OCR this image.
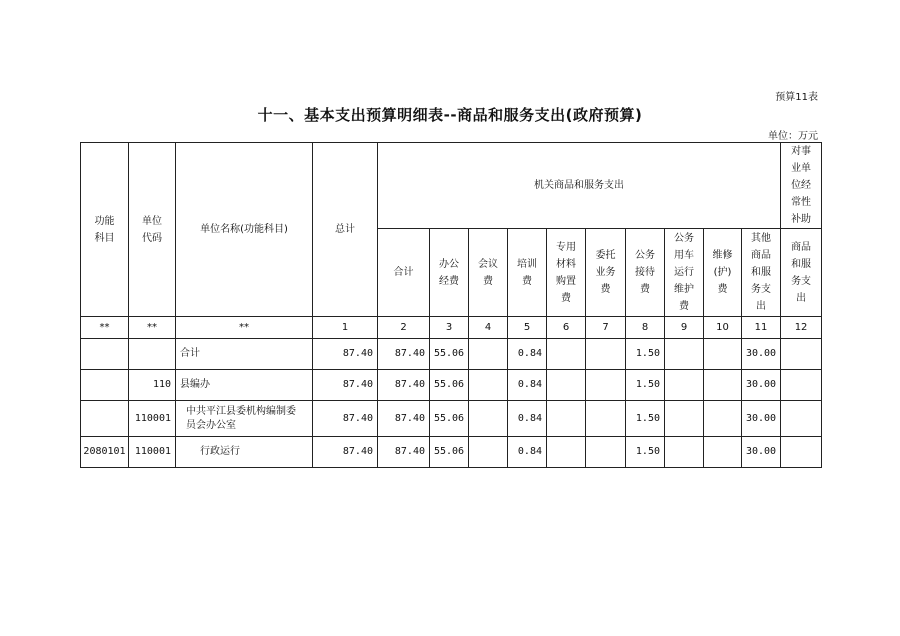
预算11表
十一、基本支出预算明细表--商品和服务支出(政府预算)
单位：万元
功能科目	单位代码	单位名称(功能科目)	总计	机关商品和服务支出										对事业单位经常性补助
				合计	办公经费	会议费	培训费	专用材料购置费	委托业务费	公务接待费	公务用车运行维护费	维修(护)费	其他商品和服务支出	商品和服务支出
**	**	**	1	2	3	4	5	6	7	8	9	10	11	12
		合计	87.40	87.40	55.06		0.84			1.50			30.00	
	110	县编办	87.40	87.40	55.06		0.84			1.50			30.00	
	110001	中共平江县委机构编制委员会办公室	87.40	87.40	55.06		0.84			1.50			30.00	
2080101	110001	行政运行	87.40	87.40	55.06		0.84			1.50			30.00	
